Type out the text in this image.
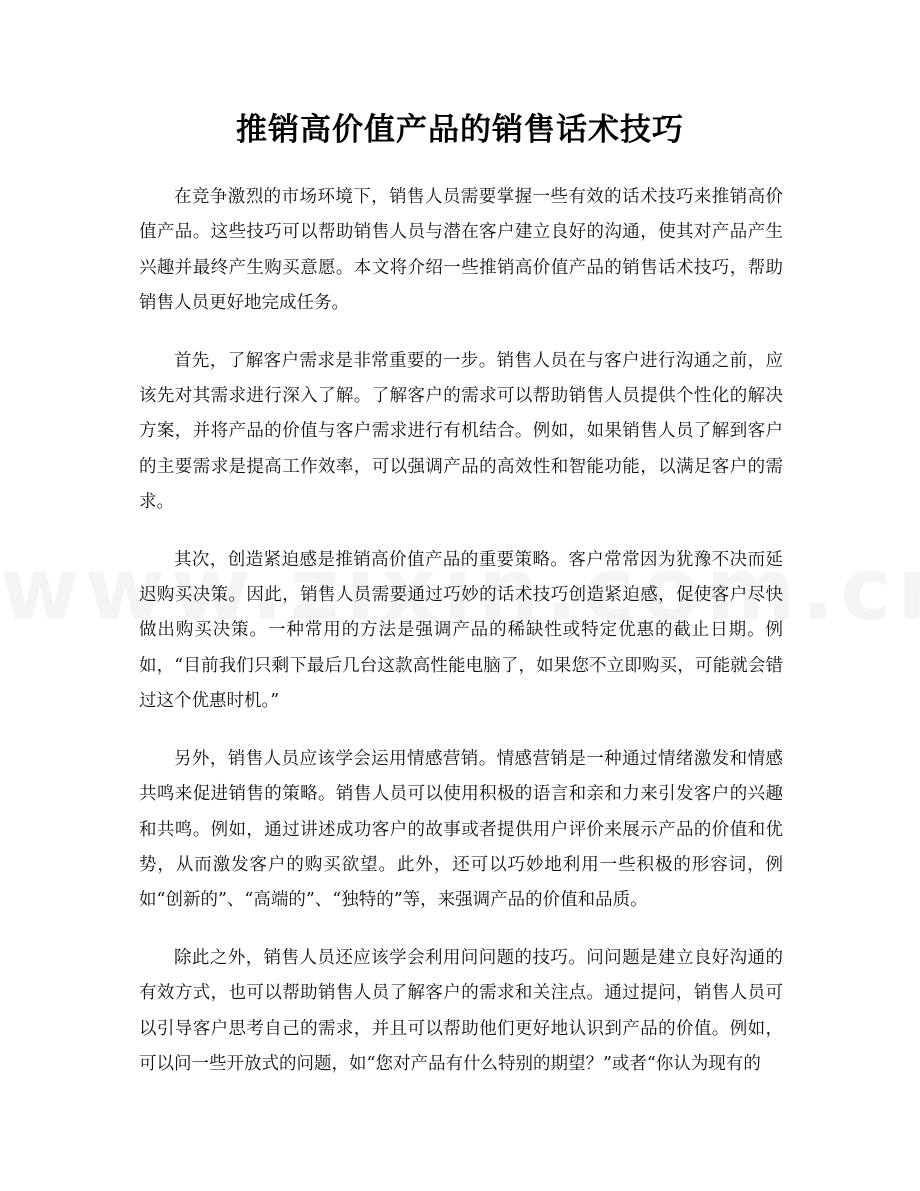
推销高价值产品的销售话术技巧

在竞争激烈的市场环境下，销售人员需要掌握一些有效的话术技巧来推销高价值产品。这些技巧可以帮助销售人员与潜在客户建立良好的沟通，使其对产品产生兴趣并最终产生购买意愿。本文将介绍一些推销高价值产品的销售话术技巧，帮助销售人员更好地完成任务。

首先，了解客户需求是非常重要的一步。销售人员在与客户进行沟通之前，应该先对其需求进行深入了解。了解客户的需求可以帮助销售人员提供个性化的解决方案，并将产品的价值与客户需求进行有机结合。例如，如果销售人员了解到客户的主要需求是提高工作效率，可以强调产品的高效性和智能功能，以满足客户的需求。

其次，创造紧迫感是推销高价值产品的重要策略。客户常常因为犹豫不决而延迟购买决策。因此，销售人员需要通过巧妙的话术技巧创造紧迫感，促使客户尽快做出购买决策。一种常用的方法是强调产品的稀缺性或特定优惠的截止日期。例如，“目前我们只剩下最后几台这款高性能电脑了，如果您不立即购买，可能就会错过这个优惠时机。”

另外，销售人员应该学会运用情感营销。情感营销是一种通过情绪激发和情感共鸣来促进销售的策略。销售人员可以使用积极的语言和亲和力来引发客户的兴趣和共鸣。例如，通过讲述成功客户的故事或者提供用户评价来展示产品的价值和优势，从而激发客户的购买欲望。此外，还可以巧妙地利用一些积极的形容词，例如“创新的”、“高端的”、“独特的”等，来强调产品的价值和品质。

除此之外，销售人员还应该学会利用问问题的技巧。问问题是建立良好沟通的有效方式，也可以帮助销售人员了解客户的需求和关注点。通过提问，销售人员可以引导客户思考自己的需求，并且可以帮助他们更好地认识到产品的价值。例如，可以问一些开放式的问题，如“您对产品有什么特别的期望？”或者“你认为现有的
